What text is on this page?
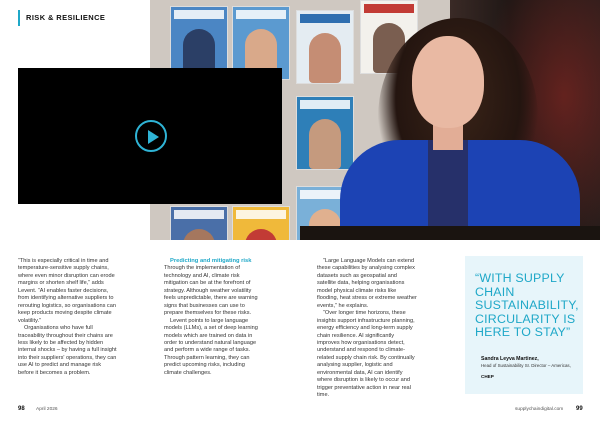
RISK & RESILIENCE

“This is especially critical in time and temperature-sensitive supply chains, where even minor disruption can erode margins or shorten shelf life,” adds Levent. “AI enables faster decisions, from identifying alternative suppliers to rerouting logistics, so organisations can keep products moving despite climate volatility.”

Organisations who have full traceability throughout their chains are less likely to be affected by hidden internal shocks – by having a full insight into their suppliers' operations, they can use AI to predict and manage risk before it becomes a problem.

Predicting and mitigating risk

Through the implementation of technology and AI, climate risk mitigation can be at the forefront of strategy. Although weather volatility feels unpredictable, there are warning signs that businesses can use to prepare themselves for these risks.

Levent points to large language models (LLMs), a set of deep learning models which are trained on data in order to understand natural language and perform a wide range of tasks. Through pattern learning, they can predict upcoming risks, including climate challenges.

“Large Language Models can extend these capabilities by analysing complex datasets such as geospatial and satellite data, helping organisations model physical climate risks like flooding, heat stress or extreme weather events,” he explains.

“Over longer time horizons, these insights support infrastructure planning, energy efficiency and long-term supply chain resilience. AI significantly improves how organisations detect, understand and respond to climate-related supply chain risk. By continually analysing supplier, logistic and environmental data, AI can identify where disruption is likely to occur and trigger preventative action in near real time.

“WITH SUPPLY CHAIN SUSTAINABILITY, CIRCULARITY IS HERE TO STAY”
Sandra Leyva Martinez,
Head of Sustainability Sr. Director – Americas,
CHEP
98 April 2026	supplychaindigital.com 99
